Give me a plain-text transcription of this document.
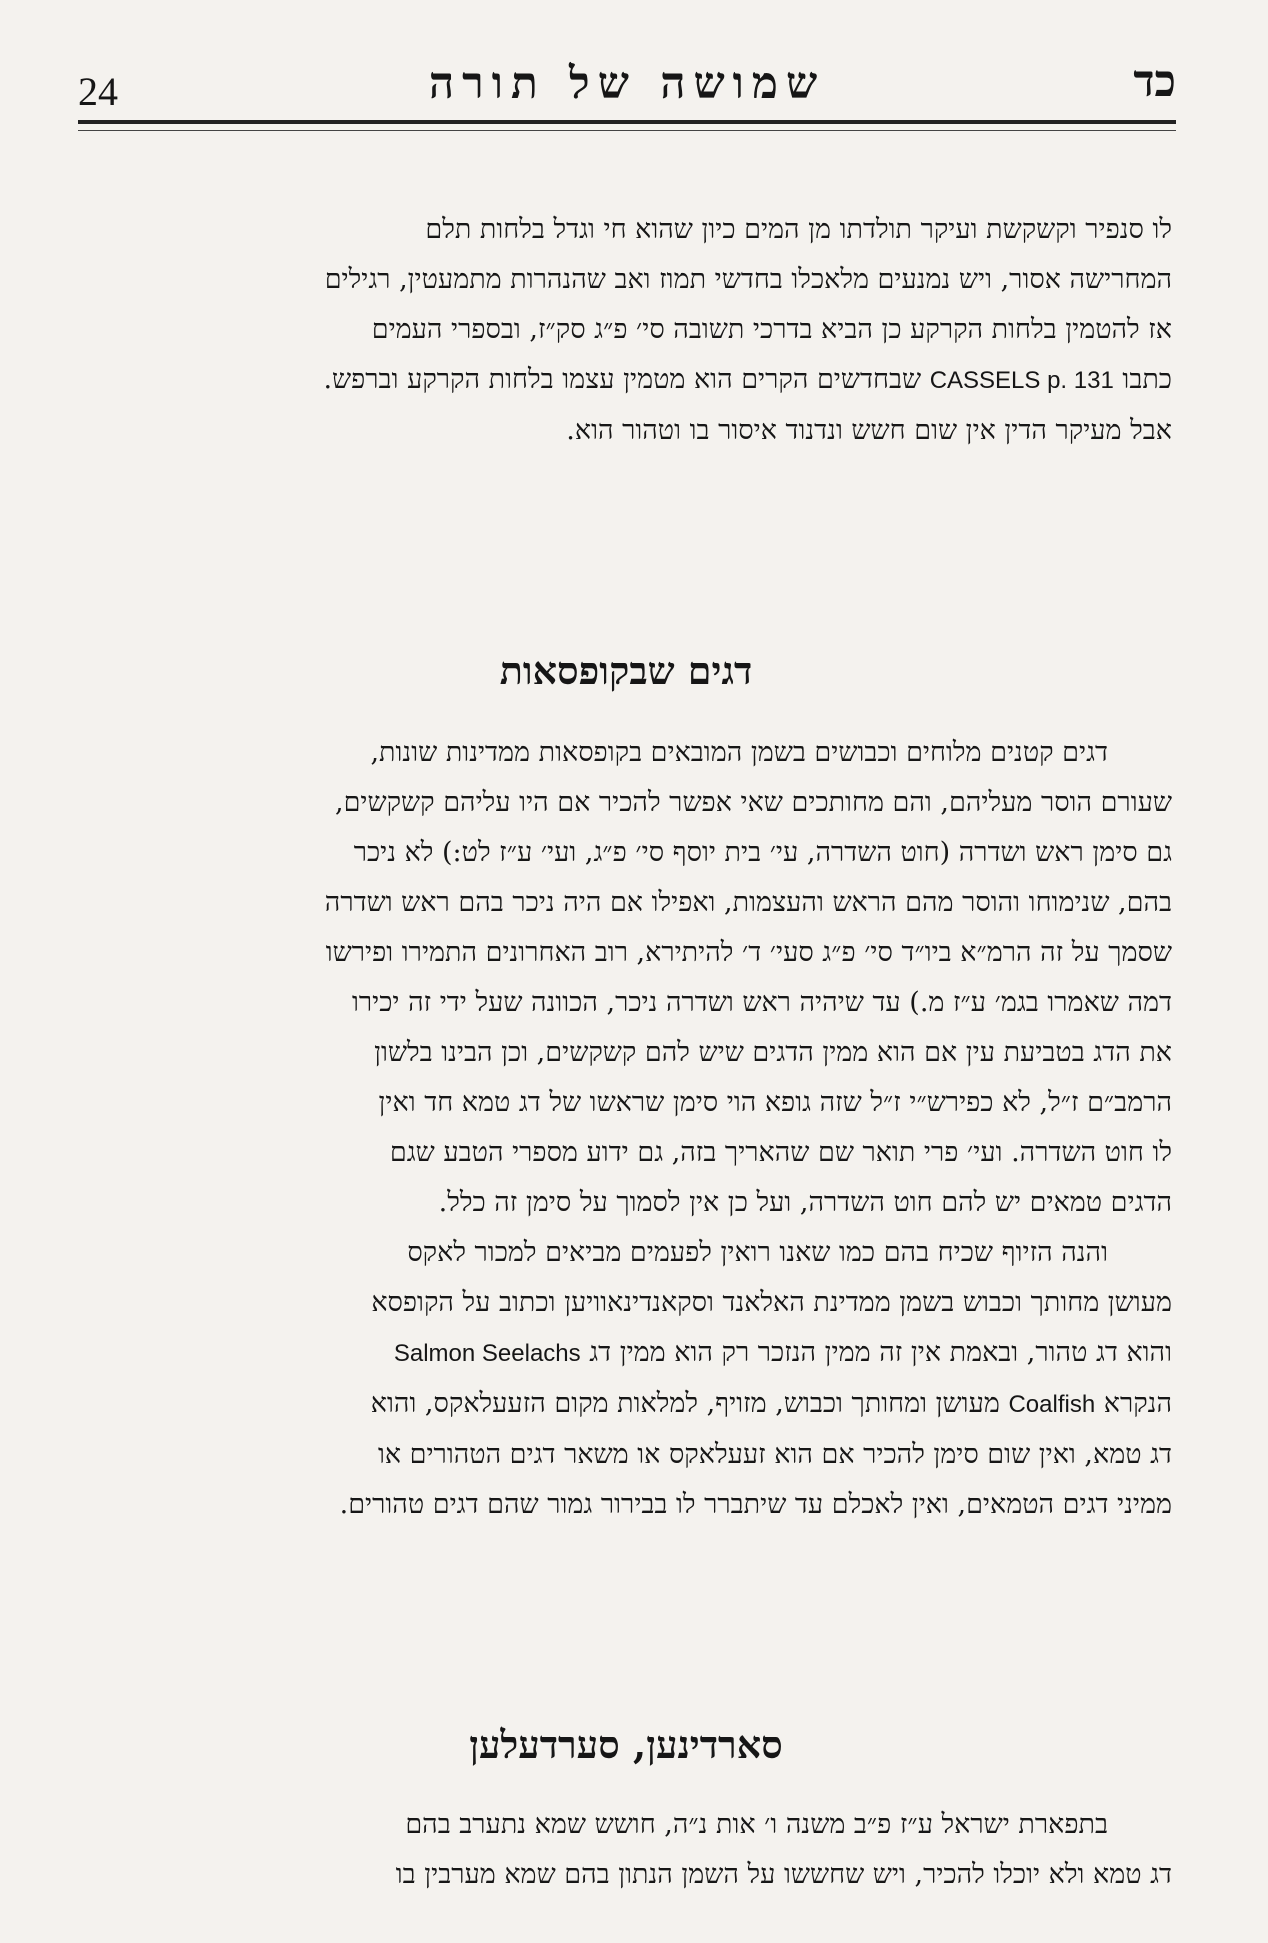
24	שמושה של תורה	כד

לו סנפיר וקשקשת ועיקר תולדתו מן המים כיון שהוא חי וגדל בלחות תלם

המחרישה אסור, ויש נמנעים מלאכלו בחדשי תמוז ואב שהנהרות מתמעטין, רגילים

אז להטמין בלחות הקרקע כן הביא בדרכי תשובה סי׳ פ״ג סק״ז, ובספרי העמים

כתבו CASSELS p. 131 שבחדשים הקרים הוא מטמין עצמו בלחות הקרקע וברפש.

אבל מעיקר הדין אין שום חשש ונדנוד איסור בו וטהור הוא.

דגים שבקופסאות

דגים קטנים מלוחים וכבושים בשמן המובאים בקופסאות ממדינות שונות,

שעורם הוסר מעליהם, והם מחותכים שאי אפשר להכיר אם היו עליהם קשקשים,

גם סימן ראש ושדרה (חוט השדרה, עי׳ בית יוסף סי׳ פ״ג, ועי׳ ע״ז לט:) לא ניכר

בהם, שנימוחו והוסר מהם הראש והעצמות, ואפילו אם היה ניכר בהם ראש ושדרה

שסמך על זה הרמ״א ביו״ד סי׳ פ״ג סעי׳ ד׳ להיתירא, רוב האחרונים התמירו ופירשו

דמה שאמרו בגמ׳ ע״ז מ.) עד שיהיה ראש ושדרה ניכר, הכוונה שעל ידי זה יכירו

את הדג בטביעת עין אם הוא ממין הדגים שיש להם קשקשים, וכן הבינו בלשון

הרמב״ם ז״ל, לא כפירש״י ז״ל שזה גופא הוי סימן שראשו של דג טמא חד ואין

לו חוט השדרה. ועי׳ פרי תואר שם שהאריך בזה, גם ידוע מספרי הטבע שגם

הדגים טמאים יש להם חוט השדרה, ועל כן אין לסמוך על סימן זה כלל.

והנה הזיוף שכיח בהם כמו שאנו רואין לפעמים מביאים למכור לאקס

מעושן מחותך וכבוש בשמן ממדינת האלאנד וסקאנדינאוויען וכתוב על הקופסא

והוא דג טהור, ובאמת אין זה ממין הנזכר רק הוא ממין דג Salmon Seelachs

הנקרא Coalfish מעושן ומחותך וכבוש, מזויף, למלאות מקום הזעעלאקס, והוא

דג טמא, ואין שום סימן להכיר אם הוא זעעלאקס או משאר דגים הטהורים או

ממיני דגים הטמאים, ואין לאכלם עד שיתברר לו בבירור גמור שהם דגים טהורים.

סארדינען, סערדעלען

בתפארת ישראל ע״ז פ״ב משנה ו׳ אות נ״ה, חושש שמא נתערב בהם

דג טמא ולא יוכלו להכיר, ויש שחששו על השמן הנתון בהם שמא מערבין בו
